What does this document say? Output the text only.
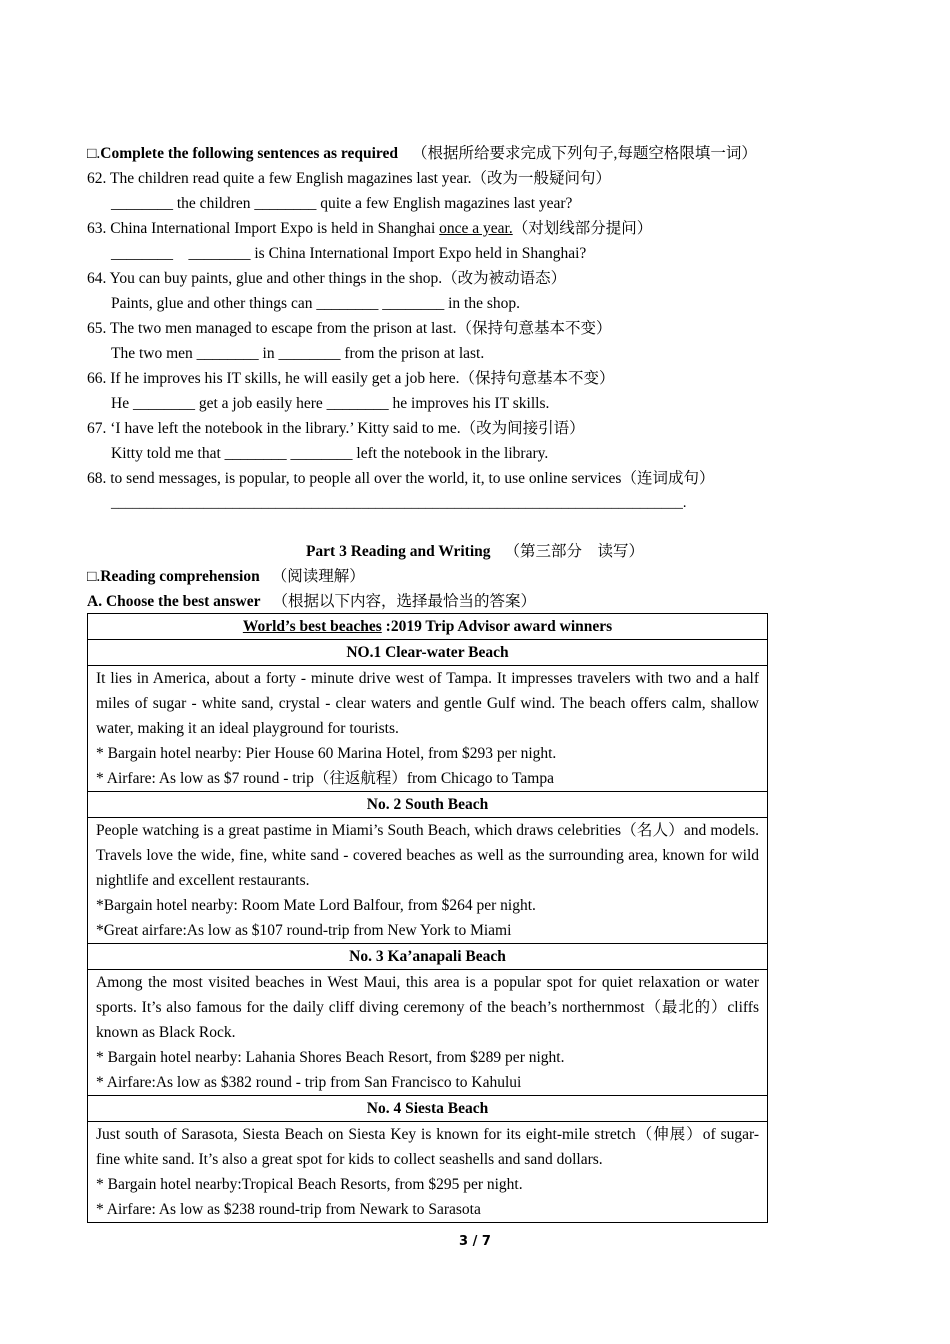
□.Complete the following sentences as required （根据所给要求完成下列句子,每题空格限填一词）
62. The children read quite a few English magazines last year.（改为一般疑问句）
________ the children ________ quite a few English magazines last year?
63. China International Import Expo is held in Shanghai once a year.（对划线部分提问）
________    ________ is China International Import Expo held in Shanghai?
64. You can buy paints, glue and other things in the shop.（改为被动语态）
Paints, glue and other things can ________ ________ in the shop.
65. The two men managed to escape from the prison at last.（保持句意基本不变）
The two men ________ in ________ from the prison at last.
66. If he improves his IT skills, he will easily get a job here.（保持句意基本不变）
He ________ get a job easily here ________ he improves his IT skills.
67. ‘I have left the notebook in the library.’ Kitty said to me.（改为间接引语）
Kitty told me that ________ ________ left the notebook in the library.
68. to send messages, is popular, to people all over the world, it, to use online services（连词成句）
________________________________________________________________________________.
Part 3 Reading and Writing （第三部分　读写）
□.Reading comprehension （阅读理解）
A. Choose the best answer （根据以下内容，选择最恰当的答案）
World’s best beaches :2019 Trip Advisor award winners
NO.1 Clear-water Beach

It lies in America, about a forty - minute drive west of Tampa. It impresses travelers with two and a half miles of sugar - white sand, crystal - clear waters and gentle Gulf wind. The beach offers calm, shallow water, making it an ideal playground for tourists.
* Bargain hotel nearby: Pier House 60 Marina Hotel, from $293 per night.
* Airfare: As low as $7 round - trip（往返航程）from Chicago to Tampa

No. 2 South Beach

People watching is a great pastime in Miami’s South Beach, which draws celebrities（名人）and models. Travels love the wide, fine, white sand - covered beaches as well as the surrounding area, known for wild nightlife and excellent restaurants.
*Bargain hotel nearby: Room Mate Lord Balfour, from $264 per night.
*Great airfare:As low as $107 round-trip from New York to Miami

No. 3 Ka’anapali Beach

Among the most visited beaches in West Maui, this area is a popular spot for quiet relaxation or water sports. It’s also famous for the daily cliff diving ceremony of the beach’s northernmost（最北的）cliffs known as Black Rock.
* Bargain hotel nearby: Lahania Shores Beach Resort, from $289 per night.
* Airfare:As low as $382 round - trip from San Francisco to Kahului

No. 4 Siesta Beach

Just south of Sarasota, Siesta Beach on Siesta Key is known for its eight-mile stretch（伸展）of sugar-fine white sand. It’s also a great spot for kids to collect seashells and sand dollars.
* Bargain hotel nearby:Tropical Beach Resorts, from $295 per night.
* Airfare: As low as $238 round-trip from Newark to Sarasota
3 / 7
